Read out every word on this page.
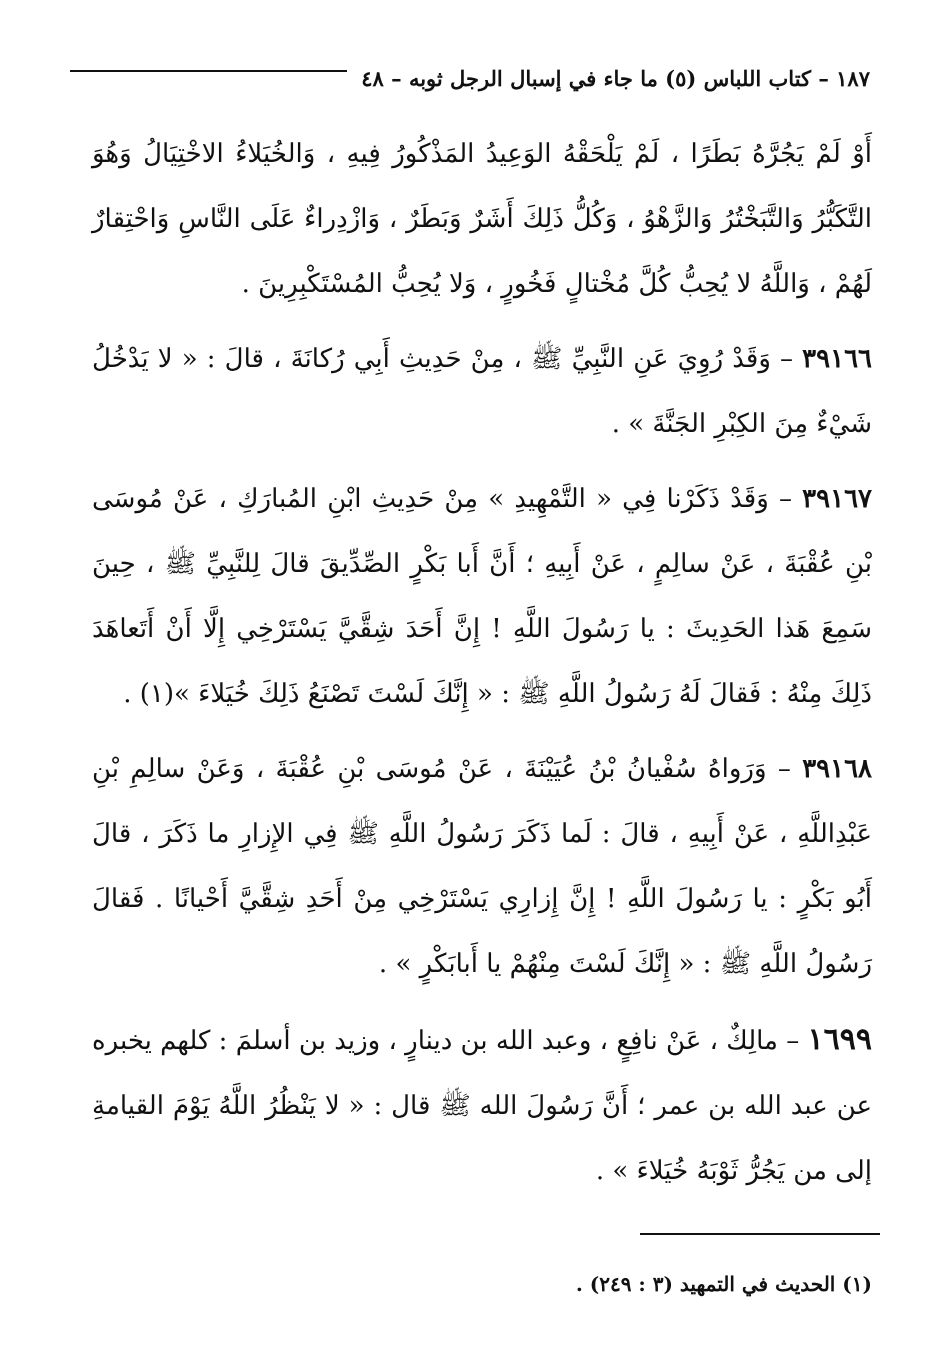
١٨٧ – كتاب اللباس (٥) ما جاء في إسبال الرجل ثوبه – ٤٨

أَوْ لَمْ يَجُرَّهُ بَطَرًا ، لَمْ يَلْحَقْهُ الوَعِيدُ المَذْكُورُ فِيهِ ، وَالخُيَلاءُ الاخْتِيَالُ وَهُوَ التَّكَبُّرُ وَالتَّبَخْتُرُ وَالزَّهْوُ ، وَكُلُّ ذَلِكَ أَشَرٌ وَبَطَرٌ ، وَازْدِراءٌ عَلَى النَّاسِ وَاحْتِقارٌ لَهُمْ ، وَاللَّهُ لا يُحِبُّ كُلَّ مُخْتالٍ فَخُورٍ ، وَلا يُحِبُّ المُسْتَكْبِرِينَ .

٣٩١٦٦ – وَقَدْ رُوِيَ عَنِ النَّبِيِّ ﷺ ، مِنْ حَدِيثِ أَبِي رُكانَةَ ، قالَ : « لا يَدْخُلُ شَيْءٌ مِنَ الكِبْرِ الجَنَّةَ » .

٣٩١٦٧ – وَقَدْ ذَكَرْنا فِي « التَّمْهِيدِ » مِنْ حَدِيثِ ابْنِ المُبارَكِ ، عَنْ مُوسَى بْنِ عُقْبَةَ ، عَنْ سالِمٍ ، عَنْ أَبِيهِ ؛ أَنَّ أَبا بَكْرٍ الصِّدِّيقَ قالَ لِلنَّبِيِّ ﷺ ، حِينَ سَمِعَ هَذا الحَدِيثَ : يا رَسُولَ اللَّهِ ! إِنَّ أَحَدَ شِقَّيَّ يَسْتَرْخِي إِلَّا أَنْ أَتَعاهَدَ ذَلِكَ مِنْهُ : فَقالَ لَهُ رَسُولُ اللَّهِ ﷺ : « إِنَّكَ لَسْتَ تَصْنَعُ ذَلِكَ خُيَلاءَ »(١) .

٣٩١٦٨ – وَرَواهُ سُفْيانُ بْنُ عُيَيْنَةَ ، عَنْ مُوسَى بْنِ عُقْبَةَ ، وَعَنْ سالِمِ بْنِ عَبْدِاللَّهِ ، عَنْ أَبِيهِ ، قالَ : لَما ذَكَرَ رَسُولُ اللَّهِ ﷺ فِي الإِزارِ ما ذَكَرَ ، قالَ أَبُو بَكْرٍ : يا رَسُولَ اللَّهِ ! إِنَّ إِزارِي يَسْتَرْخِي مِنْ أَحَدِ شِقَّيَّ أَحْيانًا . فَقالَ رَسُولُ اللَّهِ ﷺ : « إِنَّكَ لَسْتَ مِنْهُمْ يا أَبابَكْرٍ » .

١٦٩٩ – مالِكٌ ، عَنْ نافِعٍ ، وعبد الله بن دينارٍ ، وزيد بن أسلمَ : كلهم يخبره عن عبد الله بن عمر ؛ أَنَّ رَسُولَ الله ﷺ قال : « لا يَنْظُرُ اللَّهُ يَوْمَ القيامةِ إلى من يَجُرُّ ثَوْبَهُ خُيَلاءَ » .

(١) الحديث في التمهيد (٣ : ٢٤٩) .
